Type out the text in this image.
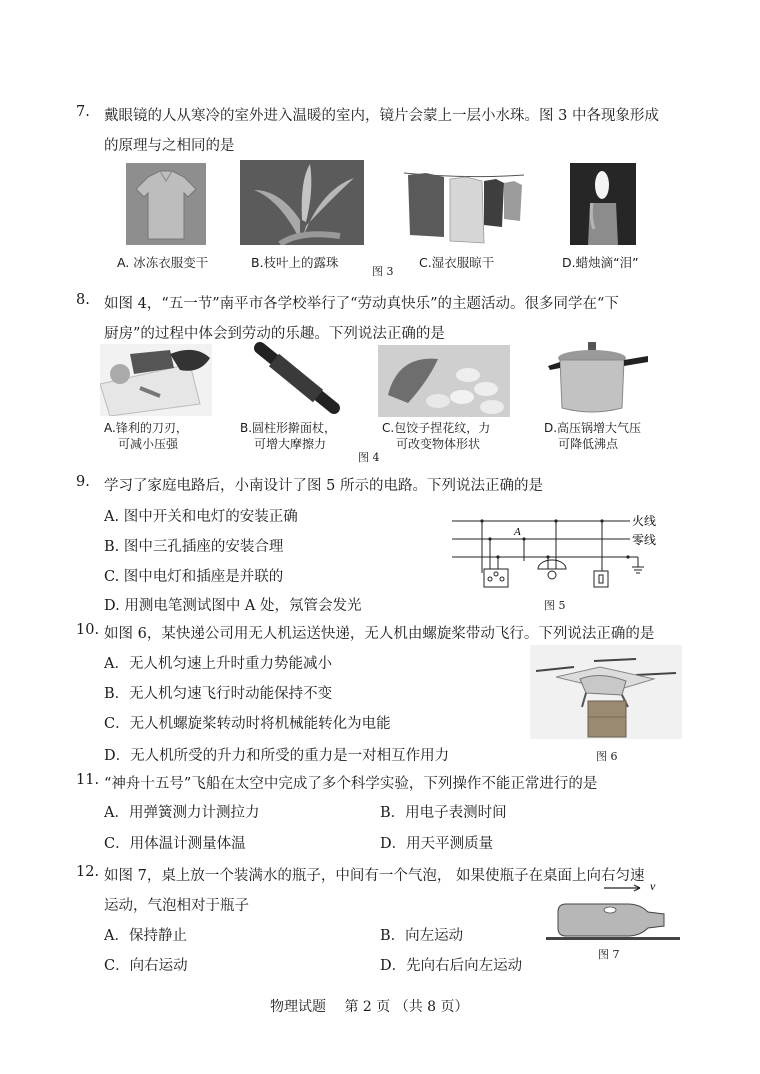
7. 戴眼镜的人从寒冷的室外进入温暖的室内，镜片会蒙上一层小水珠。图 3 中各现象形成
的原理与之相同的是
A. 冰冻衣服变干	B.枝叶上的露珠
图 3
C.湿衣服晾干	D.蜡烛滴“泪”
8. 如图 4，“五一节”南平市各学校举行了“劳动真快乐”的主题活动。很多同学在“下
厨房”的过程中体会到劳动的乐趣。下列说法正确的是
A.锋利的刀刃，
可减小压强
B.圆柱形擀面杖，
可增大摩擦力
图 4
C.包饺子捏花纹，力
可改变物体形状
D.高压锅增大气压
可降低沸点
9. 学习了家庭电路后，小南设计了图 5 所示的电路。下列说法正确的是
A. 图中开关和电灯的安装正确
B. 图中三孔插座的安装合理
C. 图中电灯和插座是并联的
D. 用测电笔测试图中 A 处，氖管会发光
A
火线
零线
图 5
10. 如图 6，某快递公司用无人机运送快递，无人机由螺旋桨带动飞行。下列说法正确的是
A．无人机匀速上升时重力势能减小
B．无人机匀速飞行时动能保持不变
C．无人机螺旋桨转动时将机械能转化为电能
D．无人机所受的升力和所受的重力是一对相互作用力	图 6
11. “神舟十五号”飞船在太空中完成了多个科学实验，下列操作不能正常进行的是
A．用弹簧测力计测拉力	B．用电子表测时间
C．用体温计测量体温	D．用天平测质量
12. 如图 7，桌上放一个装满水的瓶子，中间有一个气泡， 如果使瓶子在桌面上向右匀速
运动，气泡相对于瓶子
A．保持静止	B．向左运动
C．向右运动	D．先向右后向左运动
v
图 7
物理试题　 第 2 页 （共 8 页）
